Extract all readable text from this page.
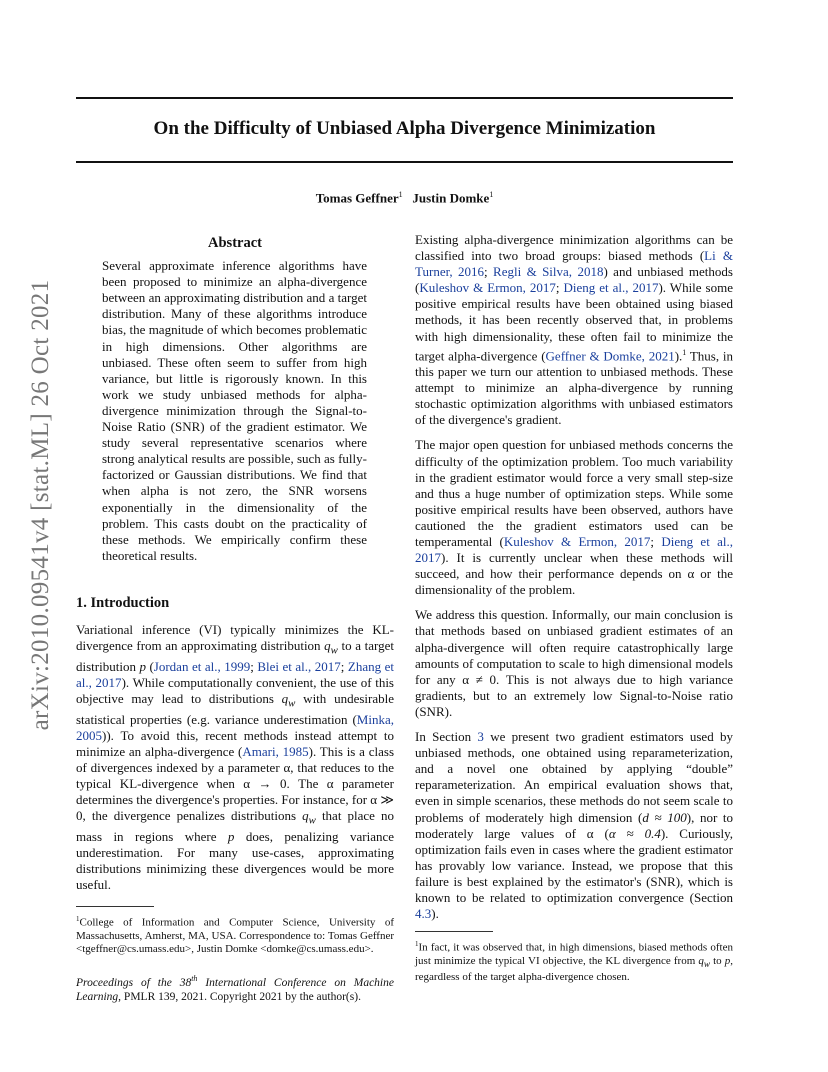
On the Difficulty of Unbiased Alpha Divergence Minimization
Tomas Geffner$^1$ Justin Domke$^1$
arXiv:2010.09541v4 [stat.ML] 26 Oct 2021
Abstract

Several approximate inference algorithms have been proposed to minimize an alpha-divergence between an approximating distribution and a target distribution. Many of these algorithms introduce bias, the magnitude of which becomes problematic in high dimensions. Other algorithms are unbiased. These often seem to suffer from high variance, but little is rigorously known. In this work we study unbiased methods for alpha-divergence minimization through the Signal-to-Noise Ratio (SNR) of the gradient estimator. We study several representative scenarios where strong analytical results are possible, such as fully-factorized or Gaussian distributions. We find that when alpha is not zero, the SNR worsens exponentially in the dimensionality of the problem. This casts doubt on the practicality of these methods. We empirically confirm these theoretical results.

1. Introduction

Variational inference (VI) typically minimizes the KL-divergence from an approximating distribution $q_w$ to a target distribution p (Jordan et al., 1999; Blei et al., 2017; Zhang et al., 2017). While computationally convenient, the use of this objective may lead to distributions $q_w$ with undesirable statistical properties (e.g. variance underestimation (Minka, 2005)). To avoid this, recent methods instead attempt to minimize an alpha-divergence (Amari, 1985). This is a class of divergences indexed by a parameter α, that reduces to the typical KL-divergence when α → 0. The α parameter determines the divergence's properties. For instance, for α ≫ 0, the divergence penalizes distributions $q_w$ that place no mass in regions where p does, penalizing variance underestimation. For many use-cases, approximating distributions minimizing these divergences would be more useful.

$^1$College of Information and Computer Science, University of Massachusetts, Amherst, MA, USA. Correspondence to: Tomas Geffner <tgeffner@cs.umass.edu>, Justin Domke <domke@cs.umass.edu>.

Proceedings of the 38th International Conference on Machine Learning, PMLR 139, 2021. Copyright 2021 by the author(s).

Existing alpha-divergence minimization algorithms can be classified into two broad groups: biased methods (Li & Turner, 2016; Regli & Silva, 2018) and unbiased methods (Kuleshov & Ermon, 2017; Dieng et al., 2017). While some positive empirical results have been obtained using biased methods, it has been recently observed that, in problems with high dimensionality, these often fail to minimize the target alpha-divergence (Geffner & Domke, 2021).$^1$ Thus, in this paper we turn our attention to unbiased methods. These attempt to minimize an alpha-divergence by running stochastic optimization algorithms with unbiased estimators of the divergence's gradient.

The major open question for unbiased methods concerns the difficulty of the optimization problem. Too much variability in the gradient estimator would force a very small step-size and thus a huge number of optimization steps. While some positive empirical results have been observed, authors have cautioned the the gradient estimators used can be temperamental (Kuleshov & Ermon, 2017; Dieng et al., 2017). It is currently unclear when these methods will succeed, and how their performance depends on α or the dimensionality of the problem.

We address this question. Informally, our main conclusion is that methods based on unbiased gradient estimates of an alpha-divergence will often require catastrophically large amounts of computation to scale to high dimensional models for any α ≠ 0. This is not always due to high variance gradients, but to an extremely low Signal-to-Noise ratio (SNR).

In Section 3 we present two gradient estimators used by unbiased methods, one obtained using reparameterization, and a novel one obtained by applying “double” reparameterization. An empirical evaluation shows that, even in simple scenarios, these methods do not seem scale to problems of moderately high dimension (d ≈ 100), nor to moderately large values of α (α ≈ 0.4). Curiously, optimization fails even in cases where the gradient estimator has provably low variance. Instead, we propose that this failure is best explained by the estimator's (SNR), which is known to be related to optimization convergence (Section 4.3).

$^1$In fact, it was observed that, in high dimensions, biased methods often just minimize the typical VI objective, the KL divergence from $q_w$ to p, regardless of the target alpha-divergence chosen.
